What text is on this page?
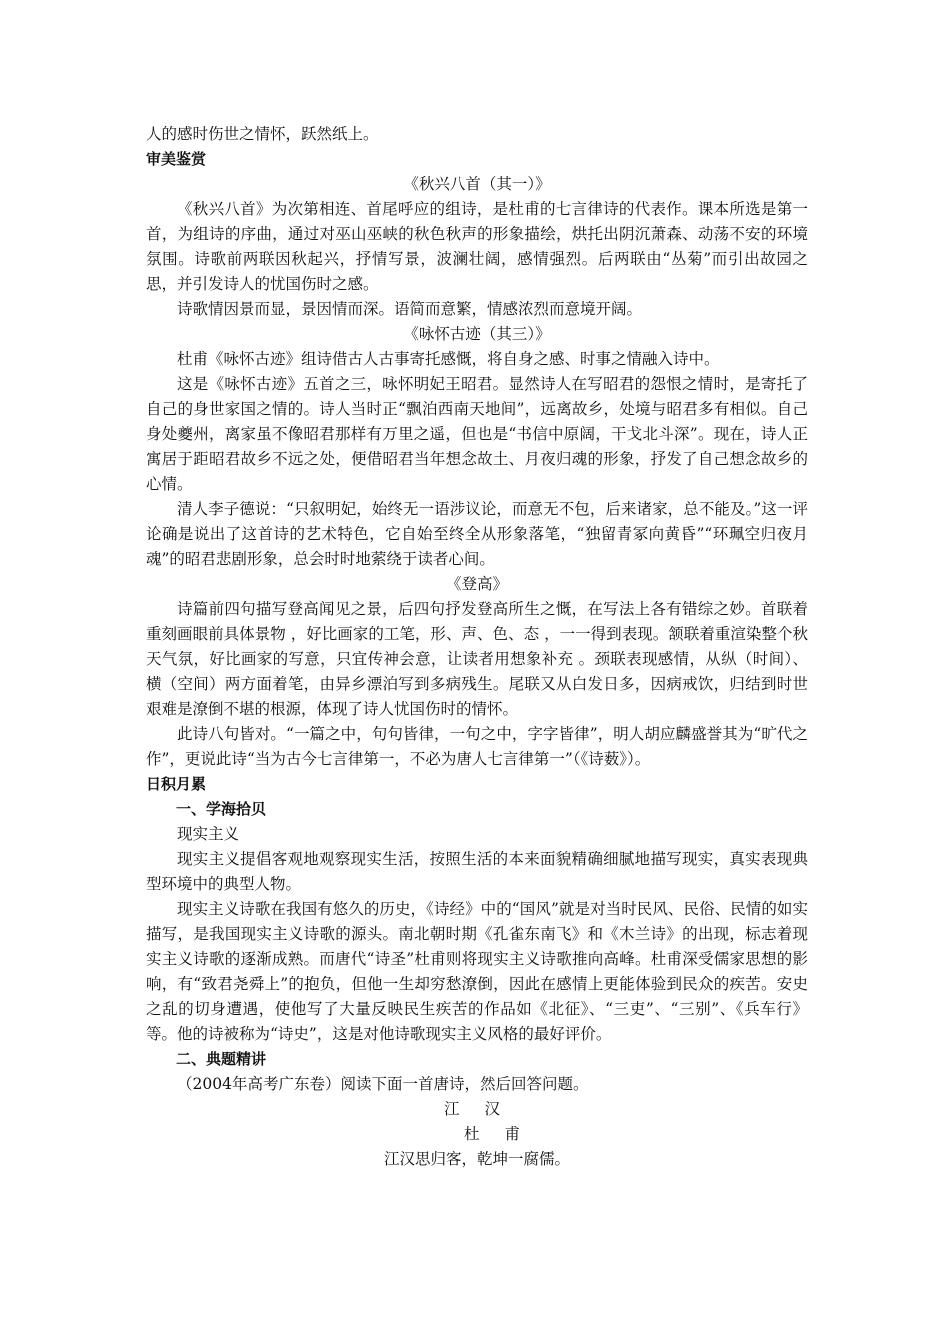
人的感时伤世之情怀，跃然纸上。

审美鉴赏

《秋兴八首（其一）》

《秋兴八首》为次第相连、首尾呼应的组诗，是杜甫的七言律诗的代表作。课本所选是第一首，为组诗的序曲，通过对巫山巫峡的秋色秋声的形象描绘，烘托出阴沉萧森、动荡不安的环境氛围。诗歌前两联因秋起兴，抒情写景，波澜壮阔，感情强烈。后两联由“丛菊”而引出故园之思，并引发诗人的忧国伤时之感。

诗歌情因景而显，景因情而深。语简而意繁，情感浓烈而意境开阔。

《咏怀古迹（其三）》

杜甫《咏怀古迹》组诗借古人古事寄托感慨，将自身之感、时事之情融入诗中。

这是《咏怀古迹》五首之三，咏怀明妃王昭君。显然诗人在写昭君的怨恨之情时，是寄托了自己的身世家国之情的。诗人当时正“飘泊西南天地间”，远离故乡，处境与昭君多有相似。自己身处夔州，离家虽不像昭君那样有万里之遥，但也是“书信中原阔，干戈北斗深”。现在，诗人正寓居于距昭君故乡不远之处，便借昭君当年想念故土、月夜归魂的形象，抒发了自己想念故乡的心情。

清人李子德说：“只叙明妃，始终无一语涉议论，而意无不包，后来诸家，总不能及。”这一评论确是说出了这首诗的艺术特色，它自始至终全从形象落笔，“独留青冢向黄昏”“环珮空归夜月魂”的昭君悲剧形象，总会时时地萦绕于读者心间。

《登高》

诗篇前四句描写登高闻见之景，后四句抒发登高所生之慨，在写法上各有错综之妙。首联着重刻画眼前具体景物 ，好比画家的工笔，形、声、色、态 ，一一得到表现。颔联着重渲染整个秋天气氛，好比画家的写意，只宜传神会意，让读者用想象补充 。颈联表现感情，从纵（时间）、横（空间）两方面着笔，由异乡漂泊写到多病残生。尾联又从白发日多，因病戒饮，归结到时世艰难是潦倒不堪的根源，体现了诗人忧国伤时的情怀。

此诗八句皆对。“一篇之中，句句皆律，一句之中，字字皆律”，明人胡应麟盛誉其为“旷代之作”，更说此诗“当为古今七言律第一，不必为唐人七言律第一”（《诗薮》）。

日积月累

一、学海拾贝

现实主义

现实主义提倡客观地观察现实生活，按照生活的本来面貌精确细腻地描写现实，真实表现典型环境中的典型人物。

现实主义诗歌在我国有悠久的历史，《诗经》中的“国风”就是对当时民风、民俗、民情的如实描写，是我国现实主义诗歌的源头。南北朝时期《孔雀东南飞》和《木兰诗》的出现，标志着现实主义诗歌的逐渐成熟。而唐代“诗圣”杜甫则将现实主义诗歌推向高峰。杜甫深受儒家思想的影响，有“致君尧舜上”的抱负，但他一生却穷愁潦倒，因此在感情上更能体验到民众的疾苦。安史之乱的切身遭遇，使他写了大量反映民生疾苦的作品如《北征》、“三吏”、“三别”、《兵车行》等。他的诗被称为“诗史”，这是对他诗歌现实主义风格的最好评价。

二、典题精讲

（2004年高考广东卷）阅读下面一首唐诗，然后回答问题。

江 汉

杜 甫

江汉思归客，乾坤一腐儒。
